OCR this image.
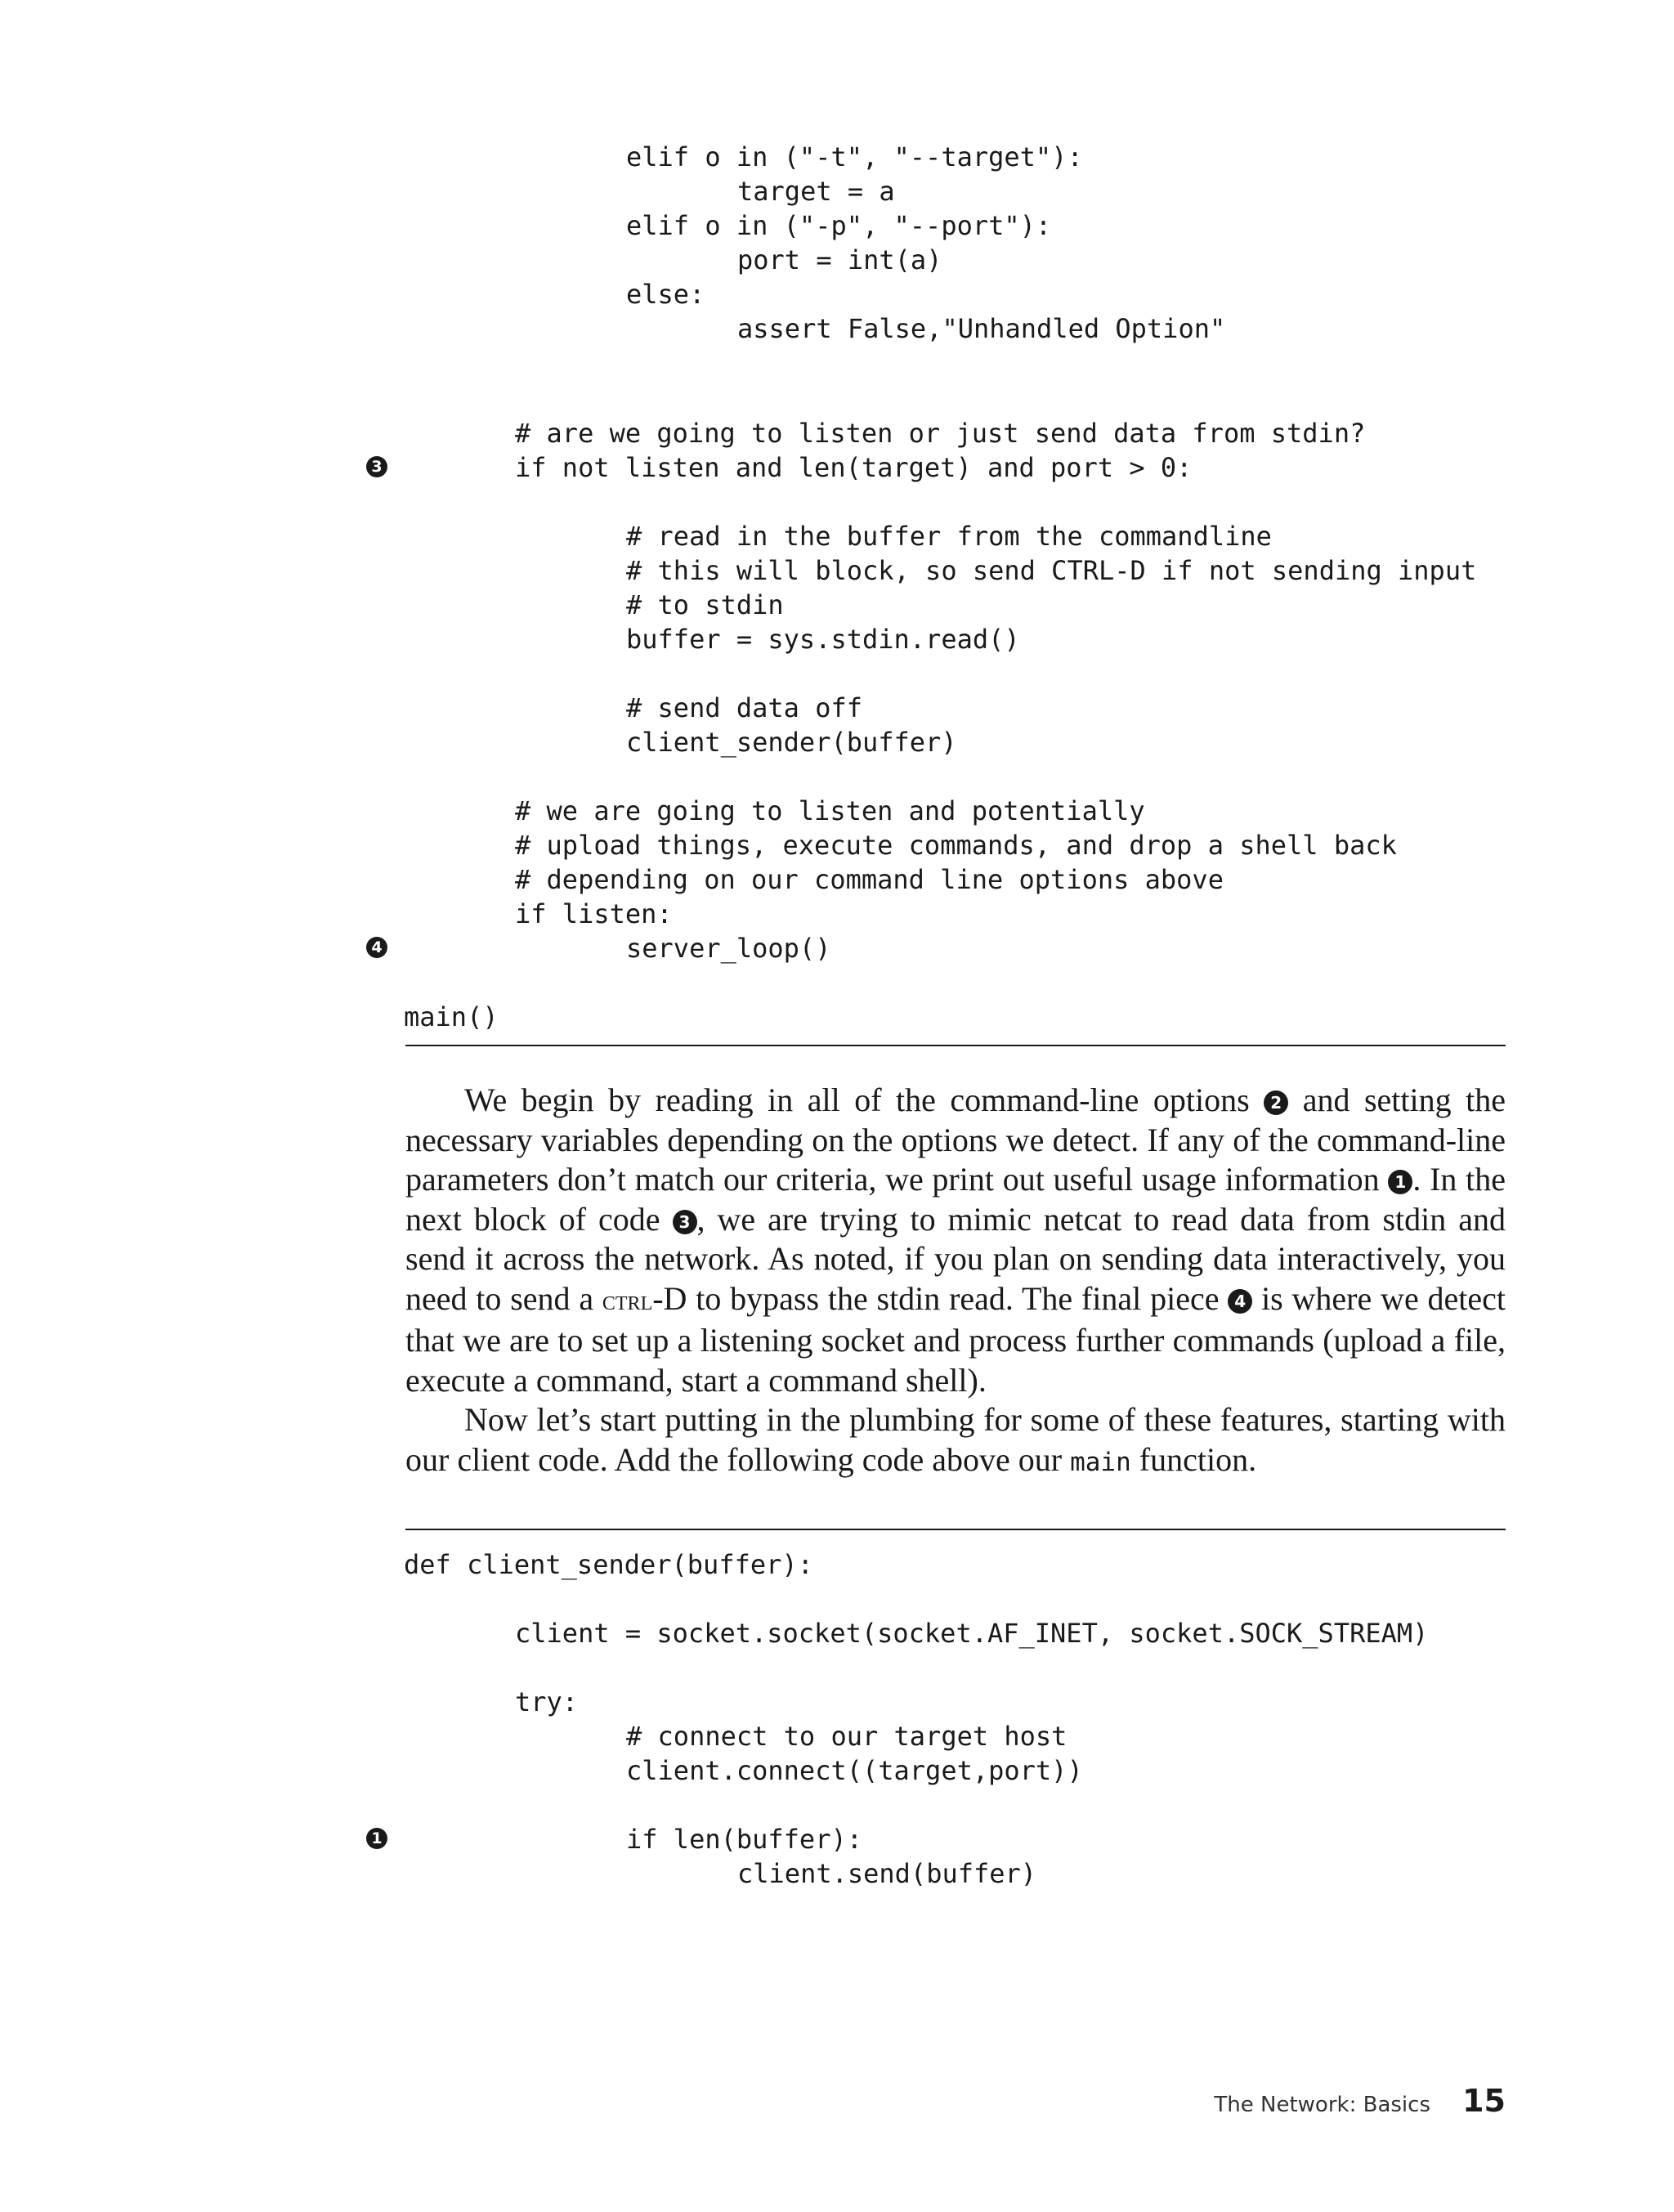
elif o in ("-t", "--target"):

target = a

elif o in ("-p", "--port"):

port = int(a)

else:

assert False,"Unhandled Option"

# are we going to listen or just send data from stdin?

if not listen and len(target) and port > 0:

# read in the buffer from the commandline

# this will block, so send CTRL-D if not sending input

# to stdin

buffer = sys.stdin.read()

# send data off

client_sender(buffer)

# we are going to listen and potentially

# upload things, execute commands, and drop a shell back

# depending on our command line options above

if listen:

server_loop()

main()

3
4

We begin by reading in all of the command-line options 2 and setting the necessary variables depending on the options we detect. If any of the command-line parameters don’t match our criteria, we print out useful usage information 1 . In the next block of code 3 , we are trying to mimic netcat to read data from stdin and send it across the network. As noted, if you plan on sending data interactively, you need to send a ctrl-D to bypass the stdin read. The final piece 4 is where we detect that we are to set up a listening socket and process further commands (upload a file, execute a command, start a command shell).

Now let’s start putting in the plumbing for some of these features, starting with our client code. Add the following code above our main function.

def client_sender(buffer):

client = socket.socket(socket.AF_INET, socket.SOCK_STREAM)

try:

# connect to our target host

client.connect((target,port))

if len(buffer):

client.send(buffer)

1
The Network: Basics 15
